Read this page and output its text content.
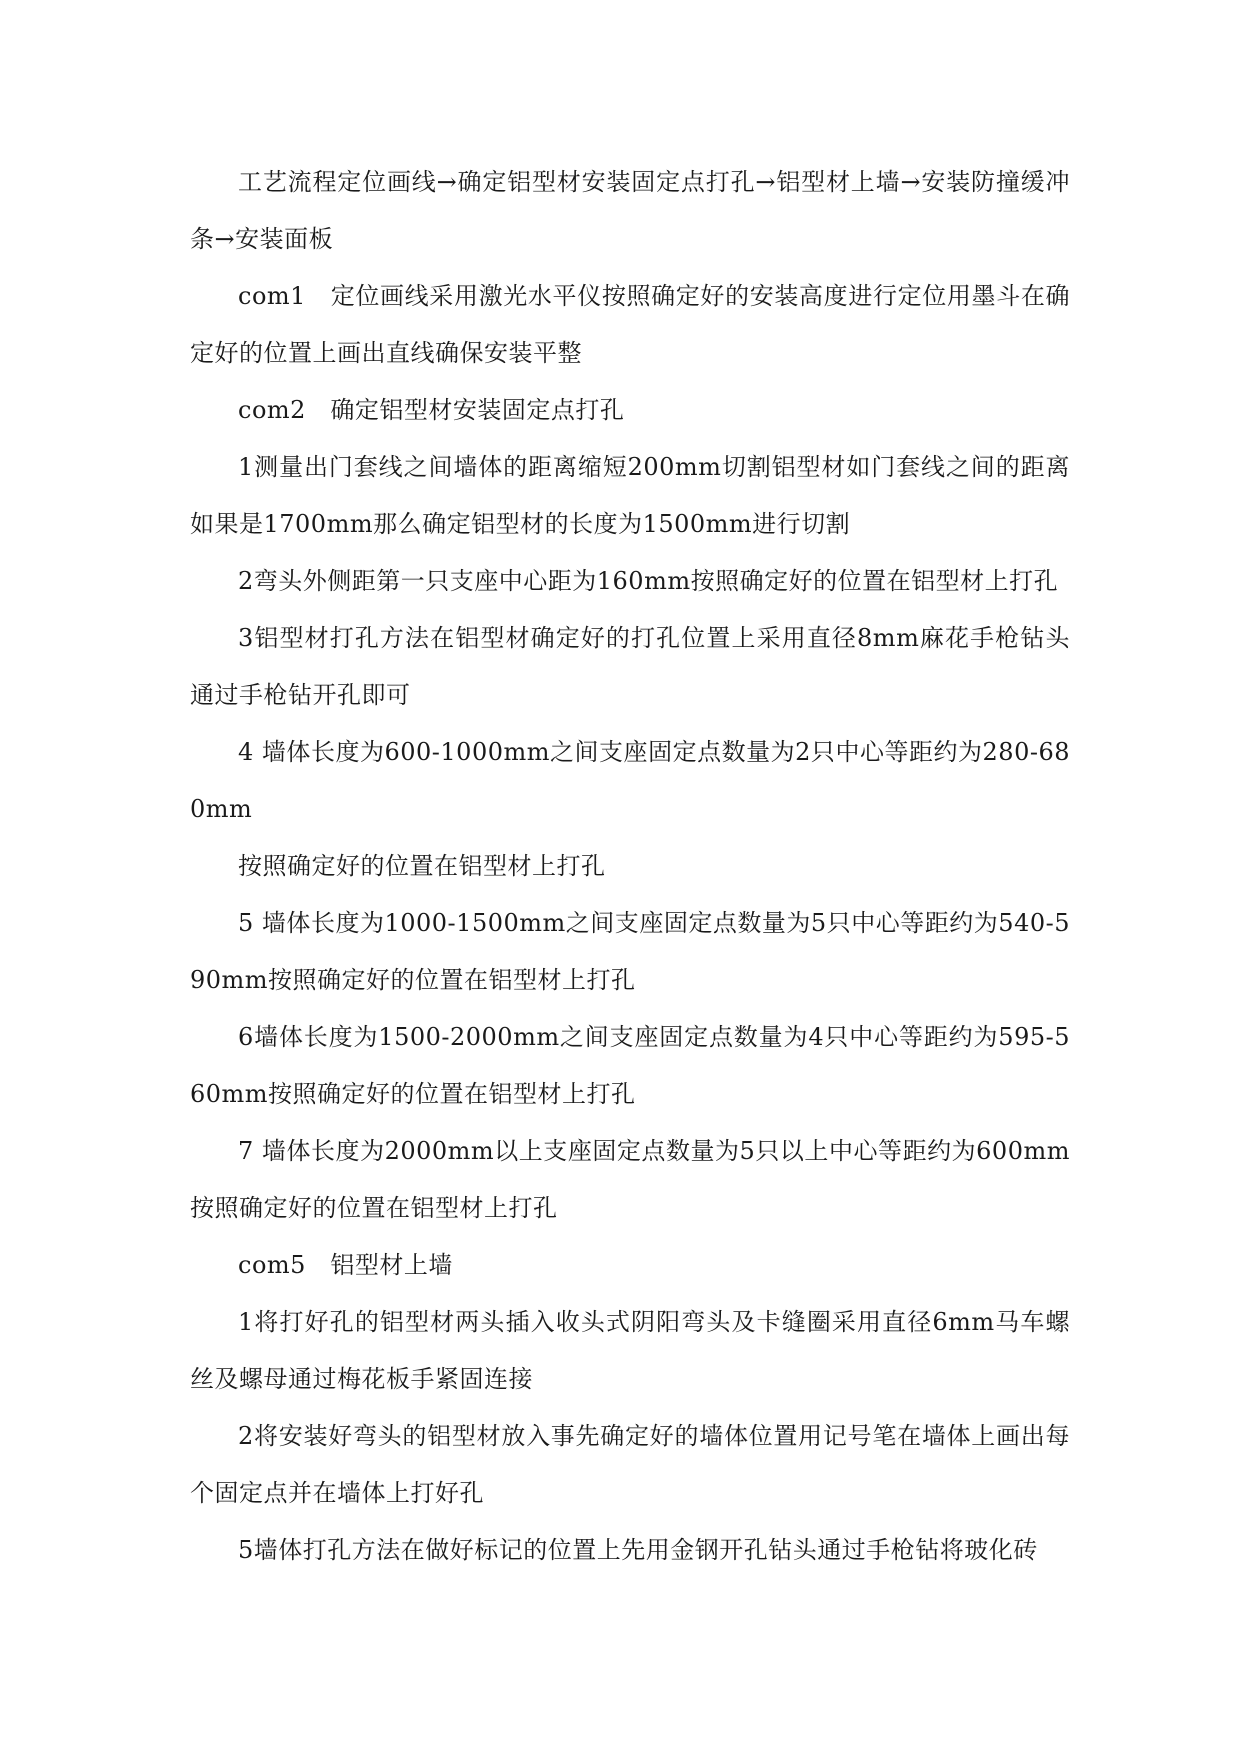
工艺流程定位画线→确定铝型材安装固定点打孔→铝型材上墙→安装防撞缓冲条→安装面板

com1　定位画线采用激光水平仪按照确定好的安装高度进行定位用墨斗在确定好的位置上画出直线确保安装平整

com2　确定铝型材安装固定点打孔

1测量出门套线之间墙体的距离缩短200mm切割铝型材如门套线之间的距离如果是1700mm那么确定铝型材的长度为1500mm进行切割

2弯头外侧距第一只支座中心距为160mm按照确定好的位置在铝型材上打孔

3铝型材打孔方法在铝型材确定好的打孔位置上采用直径8mm麻花手枪钻头通过手枪钻开孔即可

4 墙体长度为600-1000mm之间支座固定点数量为2只中心等距约为280-680mm

按照确定好的位置在铝型材上打孔

5 墙体长度为1000-1500mm之间支座固定点数量为5只中心等距约为540-590mm按照确定好的位置在铝型材上打孔

6墙体长度为1500-2000mm之间支座固定点数量为4只中心等距约为595-560mm按照确定好的位置在铝型材上打孔

7 墙体长度为2000mm以上支座固定点数量为5只以上中心等距约为600mm按照确定好的位置在铝型材上打孔

com5　铝型材上墙

1将打好孔的铝型材两头插入收头式阴阳弯头及卡缝圈采用直径6mm马车螺丝及螺母通过梅花板手紧固连接

2将安装好弯头的铝型材放入事先确定好的墙体位置用记号笔在墙体上画出每个固定点并在墙体上打好孔

5墙体打孔方法在做好标记的位置上先用金钢开孔钻头通过手枪钻将玻化砖
